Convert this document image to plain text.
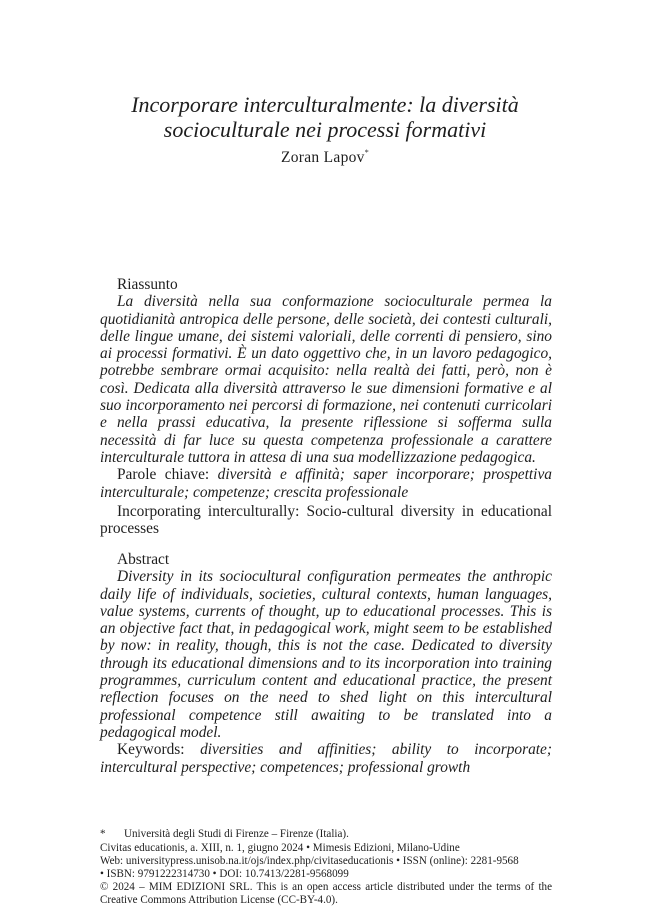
Incorporare interculturalmente: la diversità socioculturale nei processi formativi
Zoran Lapov*
Riassunto
La diversità nella sua conformazione socioculturale permea la quotidianità antropica delle persone, delle società, dei contesti culturali, delle lingue umane, dei sistemi valoriali, delle correnti di pensiero, sino ai processi formativi. È un dato oggettivo che, in un lavoro pedagogico, potrebbe sembrare ormai acquisito: nella realtà dei fatti, però, non è così. Dedicata alla diversità attraverso le sue dimensioni formative e al suo incorporamento nei percorsi di formazione, nei contenuti curricolari e nella prassi educativa, la presente riflessione si sofferma sulla necessità di far luce su questa competenza professionale a carattere interculturale tuttora in attesa di una sua modellizzazione pedagogica.
Parole chiave: diversità e affinità; saper incorporare; prospettiva interculturale; competenze; crescita professionale
Incorporating interculturally: Socio-cultural diversity in educational processes
Abstract
Diversity in its sociocultural configuration permeates the anthropic daily life of individuals, societies, cultural contexts, human languages, value systems, currents of thought, up to educational processes. This is an objective fact that, in pedagogical work, might seem to be established by now: in reality, though, this is not the case. Dedicated to diversity through its educational dimensions and to its incorporation into training programmes, curriculum content and educational practice, the present reflection focuses on the need to shed light on this intercultural professional competence still awaiting to be translated into a pedagogical model.
Keywords: diversities and affinities; ability to incorporate; intercultural perspective; competences; professional growth
*	Università degli Studi di Firenze – Firenze (Italia).
Civitas educationis, a. XIII, n. 1, giugno 2024 • Mimesis Edizioni, Milano-Udine
Web: universitypress.unisob.na.it/ojs/index.php/civitaseducationis • ISSN (online): 2281-9568
• ISBN: 9791222314730 • DOI: 10.7413/2281-9568099
© 2024 – MIM EDIZIONI SRL. This is an open access article distributed under the terms of the Creative Commons Attribution License (CC-BY-4.0).
